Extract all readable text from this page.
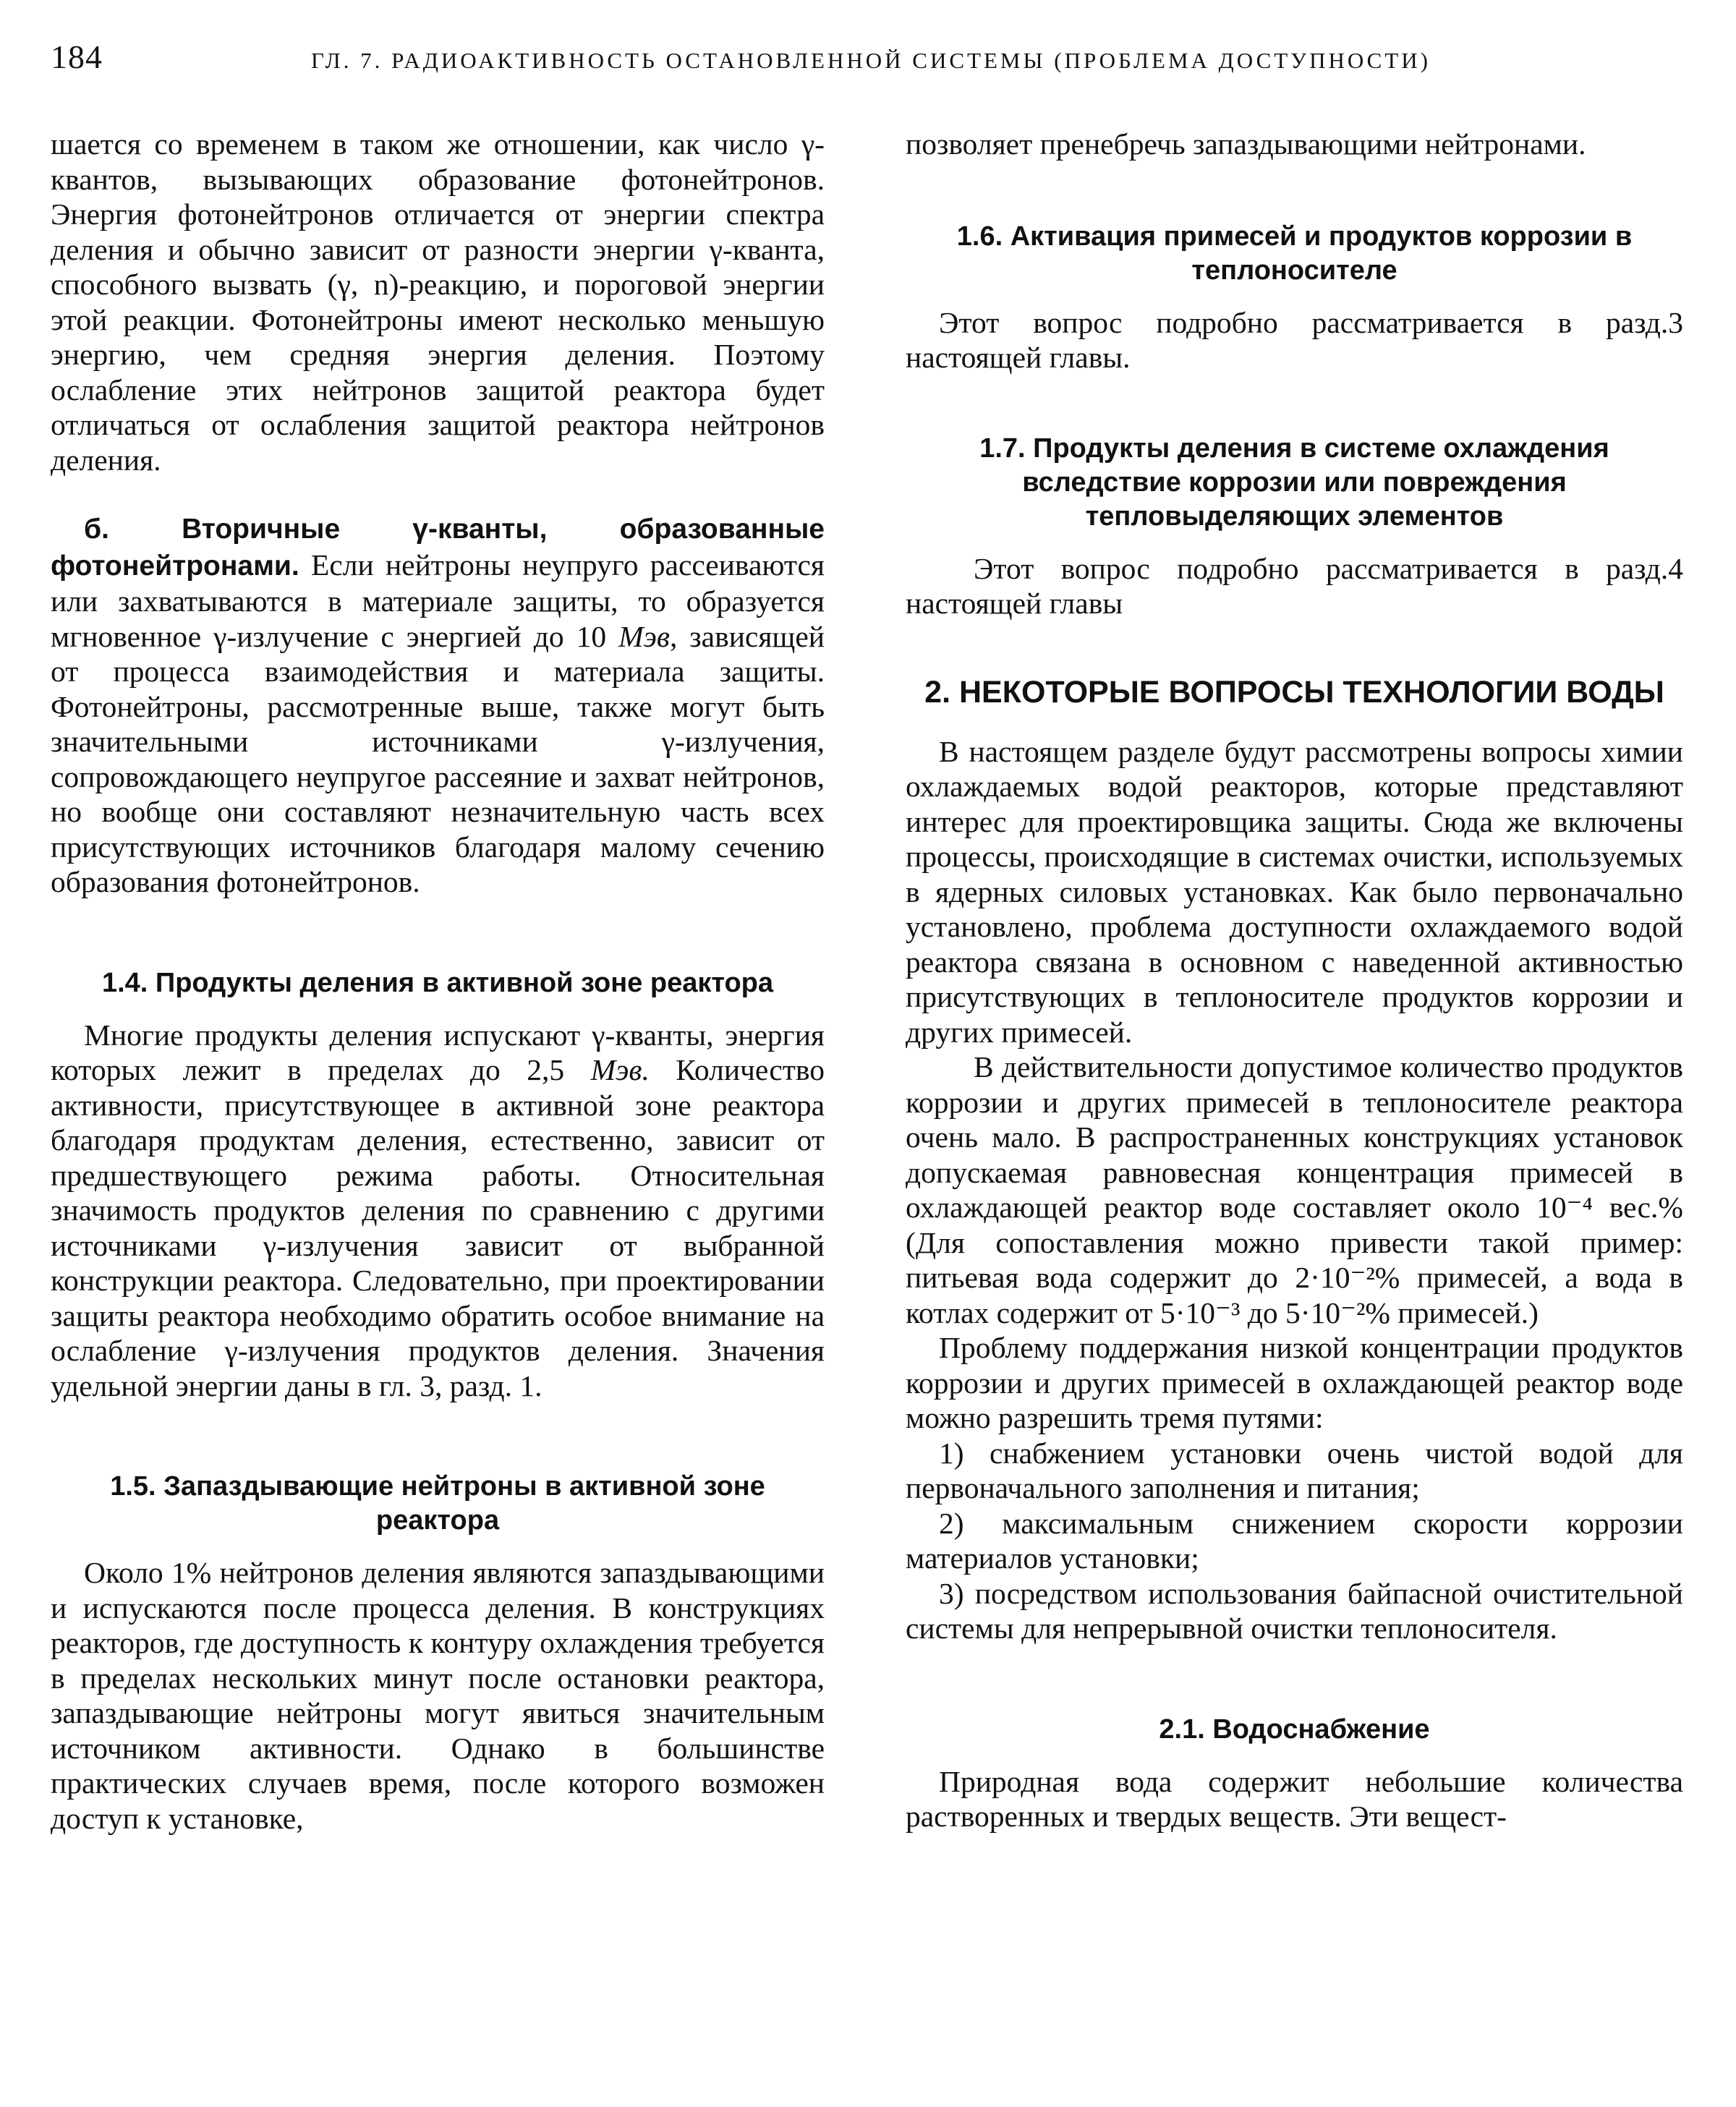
184	ГЛ. 7. РАДИОАКТИВНОСТЬ ОСТАНОВЛЕННОЙ СИСТЕМЫ (ПРОБЛЕМА ДОСТУПНОСТИ)

шается со временем в таком же отношении, как число γ-квантов, вызывающих образование фотонейтронов. Энергия фотонейтронов отличается от энергии спектра деления и обычно зависит от разности энергии γ-кванта, способного вызвать (γ, n)-реакцию, и пороговой энергии этой реакции. Фотонейтроны имеют несколько меньшую энергию, чем средняя энергия деления. Поэтому ослабление этих нейтронов защитой реактора будет отличаться от ослабления защитой реактора нейтронов деления.

б. Вторичные γ-кванты, образованные фотонейтронами. Если нейтроны неупруго рассеиваются или захватываются в материале защиты, то образуется мгновенное γ-излучение с энергией до 10 Мэв, зависящей от процесса взаимодействия и материала защиты. Фотонейтроны, рассмотренные выше, также могут быть значительными источниками γ-излучения, сопровождающего неупругое рассеяние и захват нейтронов, но вообще они составляют незначительную часть всех присутствующих источников благодаря малому сечению образования фотонейтронов.

1.4. Продукты деления в активной зоне реактора

Многие продукты деления испускают γ-кванты, энергия которых лежит в пределах до 2,5 Мэв. Количество активности, присутствующее в активной зоне реактора благодаря продуктам деления, естественно, зависит от предшествующего режима работы. Относительная значимость продуктов деления по сравнению с другими источниками γ-излучения зависит от выбранной конструкции реактора. Следовательно, при проектировании защиты реактора необходимо обратить особое внимание на ослабление γ-излучения продуктов деления. Значения удельной энергии даны в гл. 3, разд. 1.

1.5. Запаздывающие нейтроны в активной зоне реактора

Около 1% нейтронов деления являются запаздывающими и испускаются после процесса деления. В конструкциях реакторов, где доступность к контуру охлаждения требуется в пределах нескольких минут после остановки реактора, запаздывающие нейтроны могут явиться значительным источником активности. Однако в большинстве практических случаев время, после которого возможен доступ к установке,

позволяет пренебречь запаздывающими нейтронами.

1.6. Активация примесей и продуктов коррозии в теплоносителе

Этот вопрос подробно рассматривается в разд.3 настоящей главы.

1.7. Продукты деления в системе охлаждения вследствие коррозии или повреждения тепловыделяющих элементов

Этот вопрос подробно рассматривается в разд.4 настоящей главы

2. НЕКОТОРЫЕ ВОПРОСЫ ТЕХНОЛОГИИ ВОДЫ

В настоящем разделе будут рассмотрены вопросы химии охлаждаемых водой реакторов, которые представляют интерес для проектировщика защиты. Сюда же включены процессы, происходящие в системах очистки, используемых в ядерных силовых установках. Как было первоначально установлено, проблема доступности охлаждаемого водой реактора связана в основном с наведенной активностью присутствующих в теплоносителе продуктов коррозии и других примесей.

В действительности допустимое количество продуктов коррозии и других примесей в теплоносителе реактора очень мало. В распространенных конструкциях установок допускаемая равновесная концентрация примесей в охлаждающей реактор воде составляет около 10⁻⁴ вес.% (Для сопоставления можно привести такой пример: питьевая вода содержит до 2·10⁻²% примесей, а вода в котлах содержит от 5·10⁻³ до 5·10⁻²% примесей.)

Проблему поддержания низкой концентрации продуктов коррозии и других примесей в охлаждающей реактор воде можно разрешить тремя путями:

1) снабжением установки очень чистой водой для первоначального заполнения и питания;

2) максимальным снижением скорости коррозии материалов установки;

3) посредством использования байпасной очистительной системы для непрерывной очистки теплоносителя.

2.1. Водоснабжение

Природная вода содержит небольшие количества растворенных и твердых веществ. Эти вещест-
